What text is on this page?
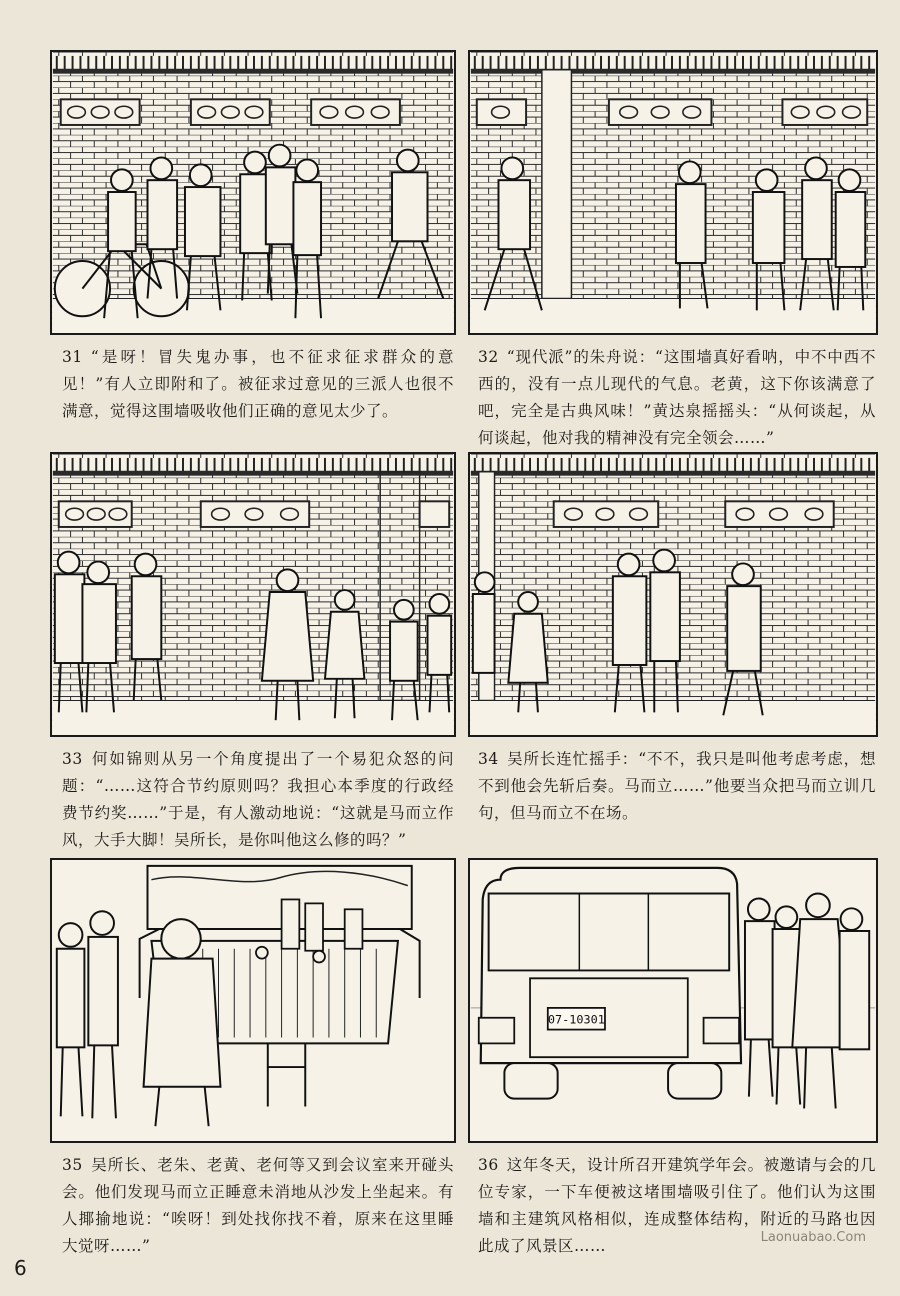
31 “是呀！冒失鬼办事，也不征求征求群众的意见！”有人立即附和了。被征求过意见的三派人也很不满意，觉得这围墙吸收他们正确的意见太少了。
32 “现代派”的朱舟说：“这围墙真好看呐，中不中西不西的，没有一点儿现代的气息。老黄，这下你该满意了吧，完全是古典风味！”黄达泉摇摇头：“从何谈起，从何谈起，他对我的精神没有完全领会……”
33 何如锦则从另一个角度提出了一个易犯众怒的问题：“……这符合节约原则吗？我担心本季度的行政经费节约奖……”于是，有人激动地说：“这就是马而立作风，大手大脚！吴所长，是你叫他这么修的吗？”
34 吴所长连忙摇手：“不不，我只是叫他考虑考虑，想不到他会先斩后奏。马而立……”他要当众把马而立训几句，但马而立不在场。
35 吴所长、老朱、老黄、老何等又到会议室来开碰头会。他们发现马而立正睡意未消地从沙发上坐起来。有人揶揄地说：“唉呀！到处找你找不着，原来在这里睡大觉呀……”
07-10301
36 这年冬天，设计所召开建筑学年会。被邀请与会的几位专家，一下车便被这堵围墙吸引住了。他们认为这围墙和主建筑风格相似，连成整体结构，附近的马路也因此成了风景区……
6
Laonuabao.Com
